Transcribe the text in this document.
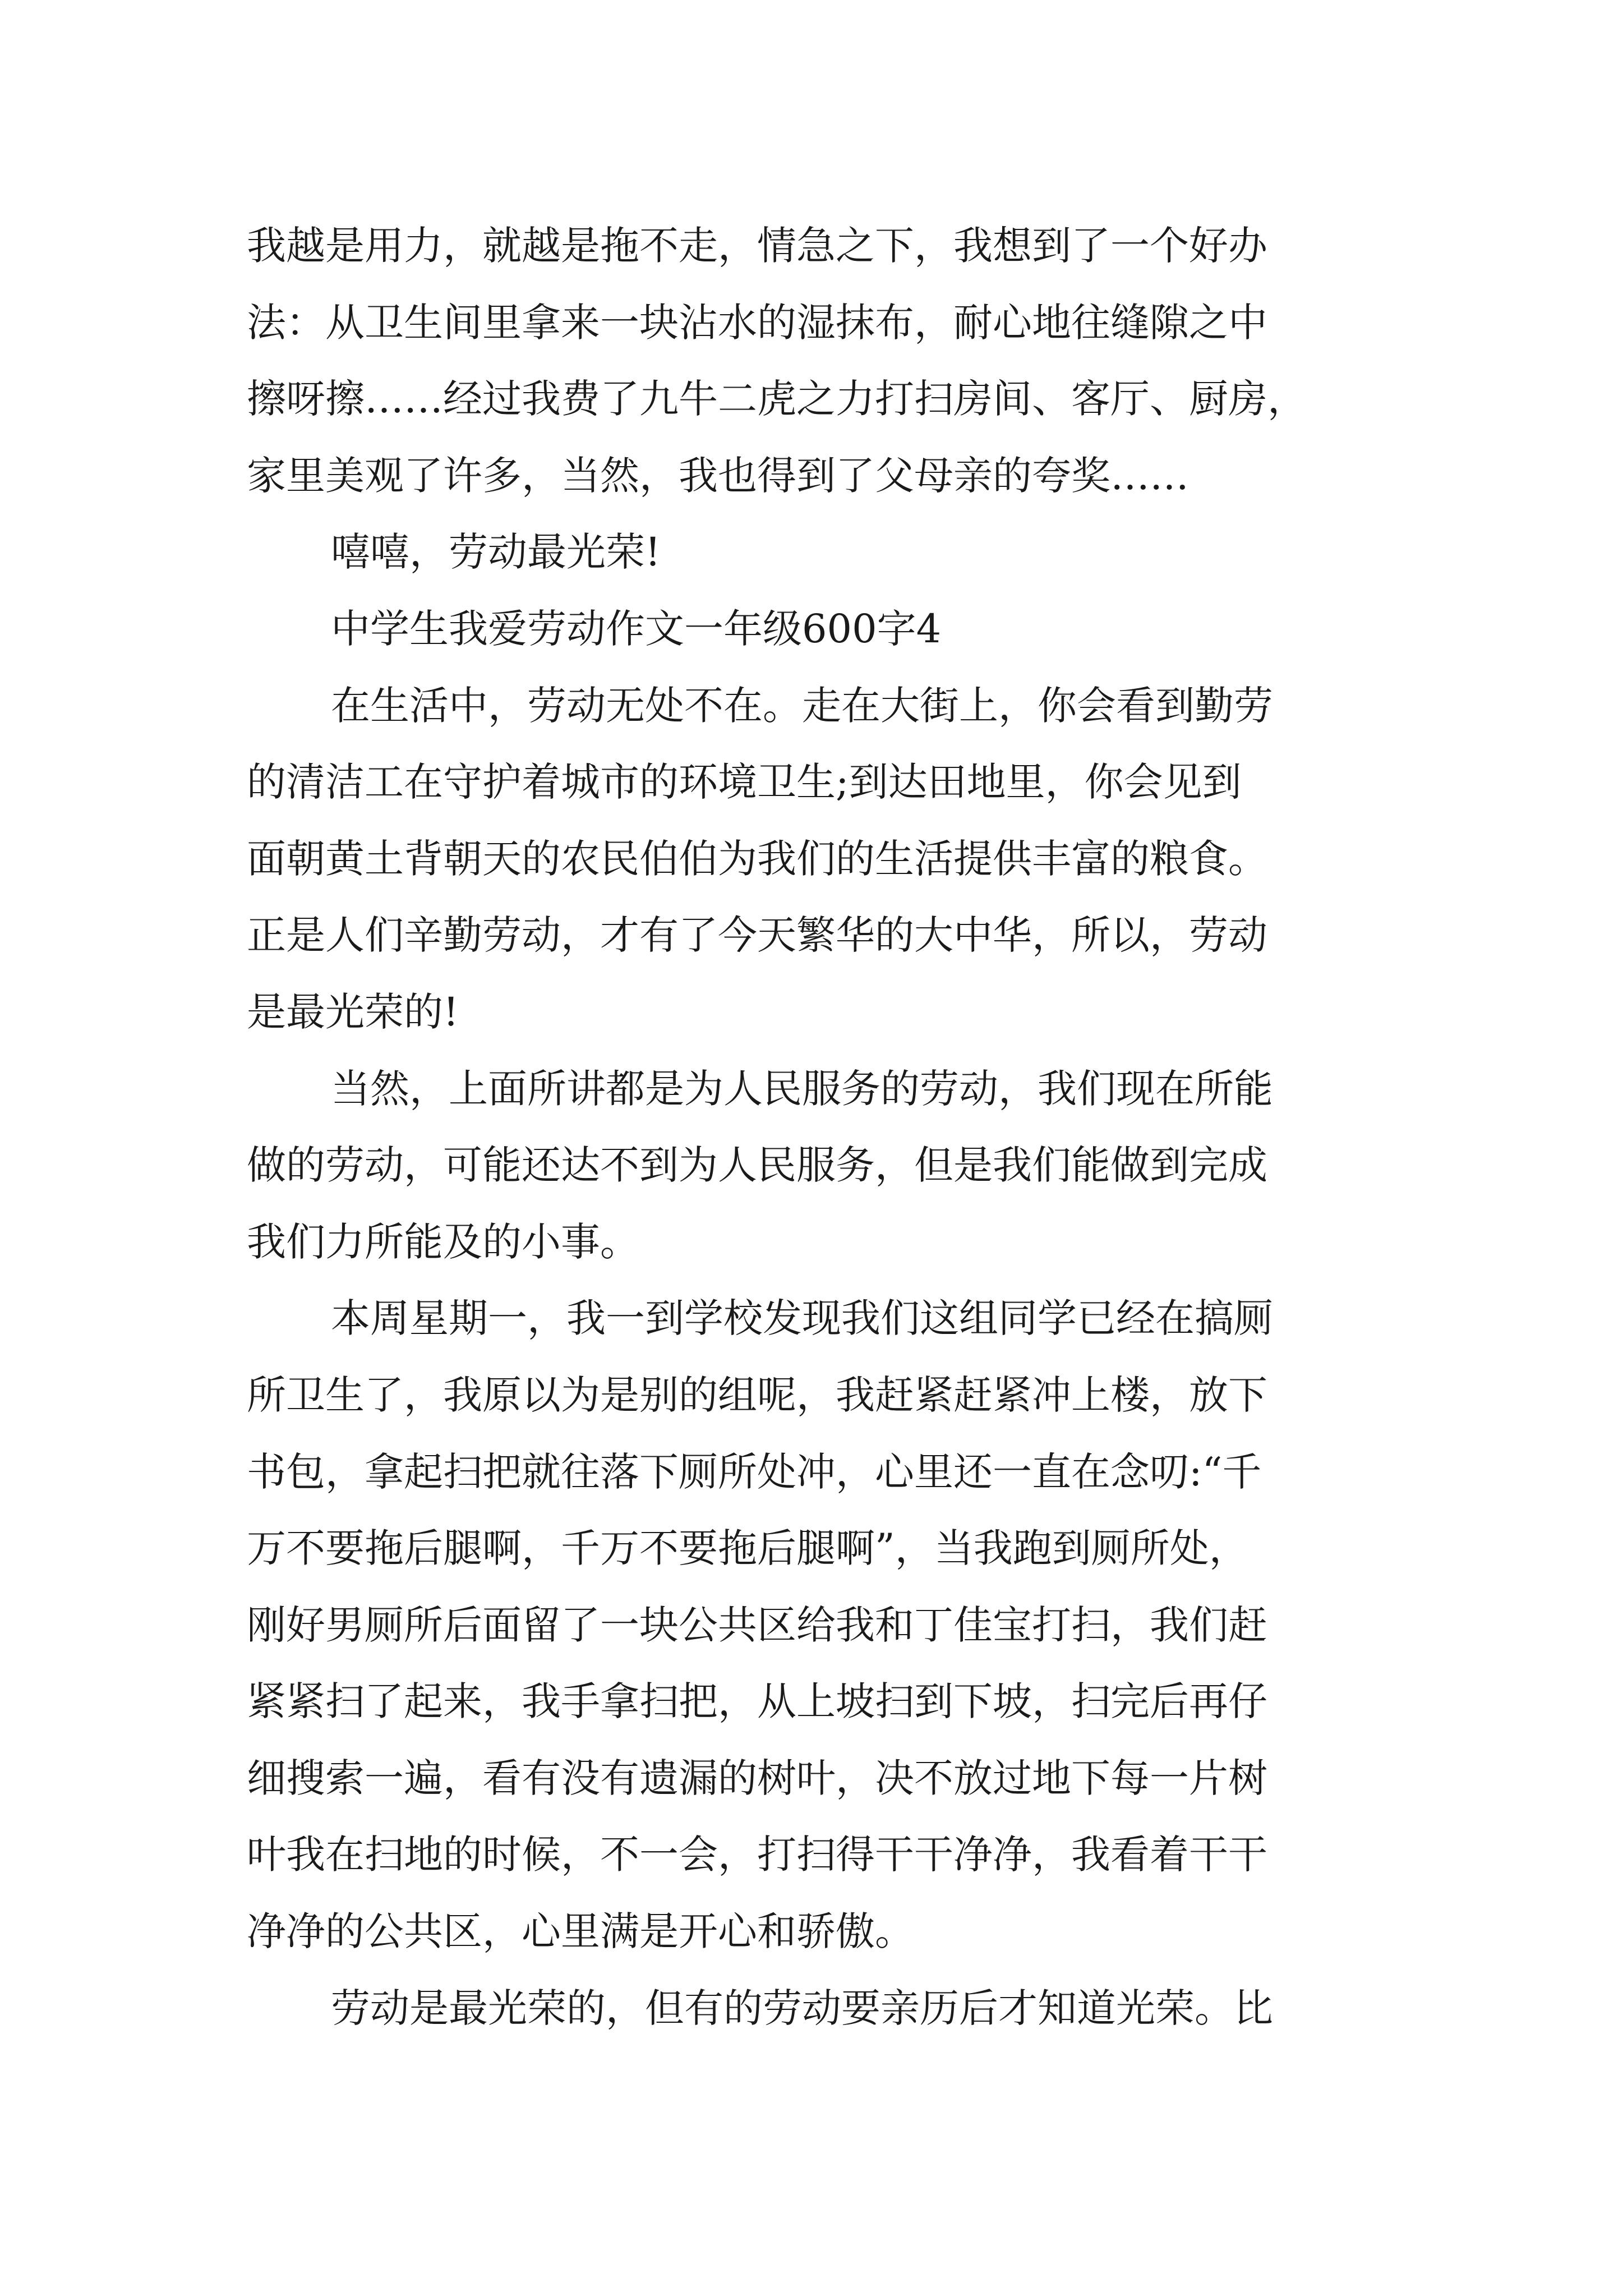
我越是用力，就越是拖不走，情急之下，我想到了一个好办
法：从卫生间里拿来一块沾水的湿抹布，耐心地往缝隙之中
擦呀擦……经过我费了九牛二虎之力打扫房间、客厅、厨房，
家里美观了许多，当然，我也得到了父母亲的夸奖……
嘻嘻，劳动最光荣!
中学生我爱劳动作文一年级600字4
在生活中，劳动无处不在。走在大街上，你会看到勤劳
的清洁工在守护着城市的环境卫生;到达田地里，你会见到
面朝黄土背朝天的农民伯伯为我们的生活提供丰富的粮食。
正是人们辛勤劳动，才有了今天繁华的大中华，所以，劳动
是最光荣的!
当然，上面所讲都是为人民服务的劳动，我们现在所能
做的劳动，可能还达不到为人民服务，但是我们能做到完成
我们力所能及的小事。
本周星期一，我一到学校发现我们这组同学已经在搞厕
所卫生了，我原以为是别的组呢，我赶紧赶紧冲上楼，放下
书包，拿起扫把就往落下厕所处冲，心里还一直在念叨:“千
万不要拖后腿啊，千万不要拖后腿啊”，当我跑到厕所处，
刚好男厕所后面留了一块公共区给我和丁佳宝打扫，我们赶
紧紧扫了起来，我手拿扫把，从上坡扫到下坡，扫完后再仔
细搜索一遍，看有没有遗漏的树叶，决不放过地下每一片树
叶我在扫地的时候，不一会，打扫得干干净净，我看着干干
净净的公共区，心里满是开心和骄傲。
劳动是最光荣的，但有的劳动要亲历后才知道光荣。比
